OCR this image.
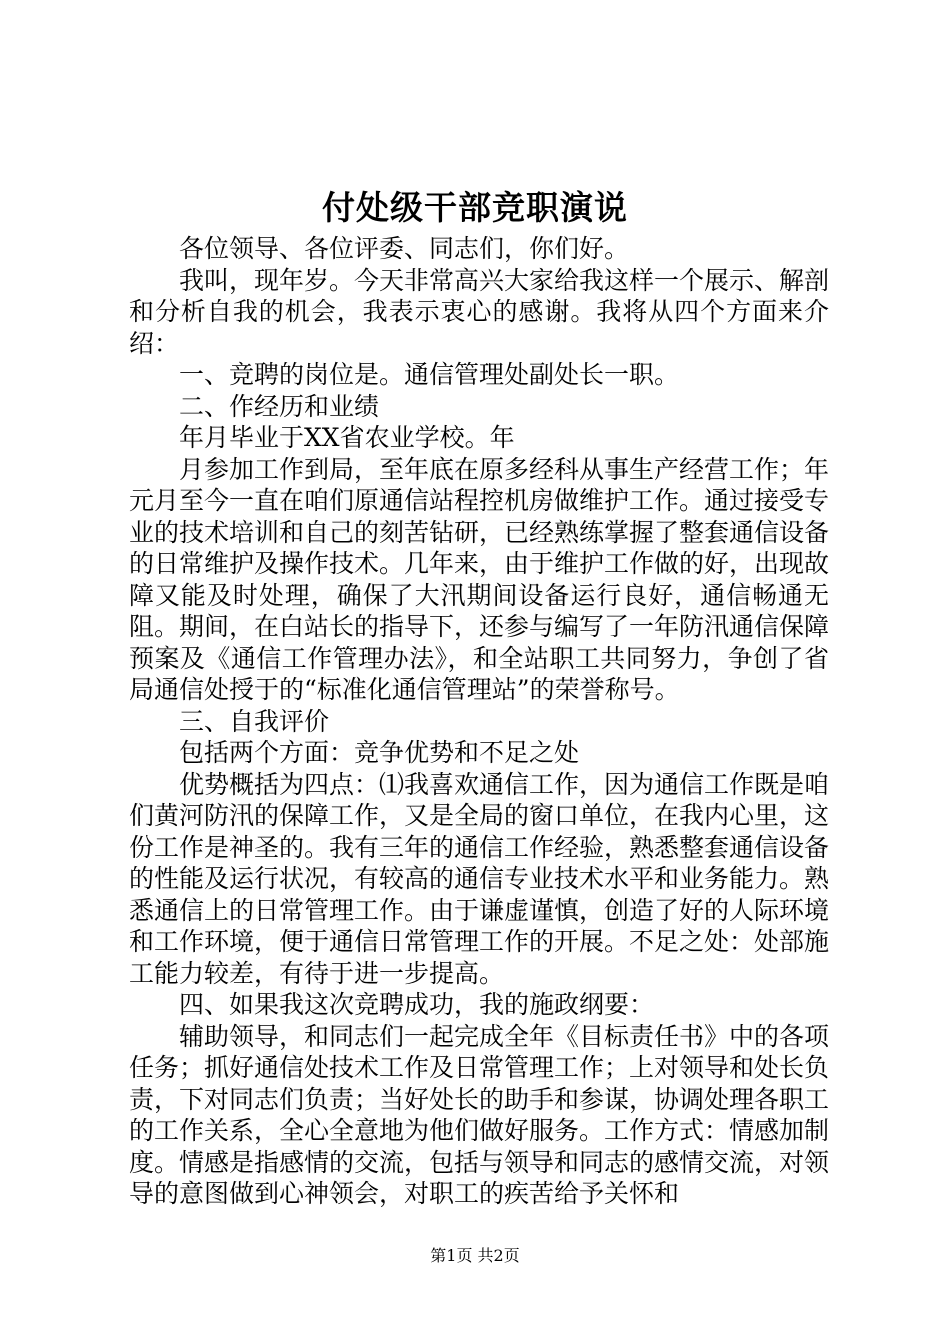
付处级干部竞职演说

各位领导、各位评委、同志们，你们好。

我叫，现年岁。今天非常高兴大家给我这样一个展示、解剖和分析自我的机会，我表示衷心的感谢。我将从四个方面来介绍：

一、竞聘的岗位是。通信管理处副处长一职。

二、作经历和业绩

年月毕业于XX省农业学校。年

月参加工作到局，至年底在原多经科从事生产经营工作；年元月至今一直在咱们原通信站程控机房做维护工作。通过接受专业的技术培训和自己的刻苦钻研，已经熟练掌握了整套通信设备的日常维护及操作技术。几年来，由于维护工作做的好，出现故障又能及时处理，确保了大汛期间设备运行良好，通信畅通无阻。期间，在白站长的指导下，还参与编写了一年防汛通信保障预案及《通信工作管理办法》，和全站职工共同努力，争创了省局通信处授于的“标准化通信管理站”的荣誉称号。

三、自我评价

包括两个方面：竞争优势和不足之处

优势概括为四点：⑴我喜欢通信工作，因为通信工作既是咱们黄河防汛的保障工作，又是全局的窗口单位，在我内心里，这份工作是神圣的。我有三年的通信工作经验，熟悉整套通信设备的性能及运行状况，有较高的通信专业技术水平和业务能力。熟悉通信上的日常管理工作。由于谦虚谨慎，创造了好的人际环境和工作环境，便于通信日常管理工作的开展。不足之处：处部施工能力较差，有待于进一步提高。

四、如果我这次竞聘成功，我的施政纲要：

辅助领导，和同志们一起完成全年《目标责任书》中的各项任务；抓好通信处技术工作及日常管理工作；上对领导和处长负责，下对同志们负责；当好处长的助手和参谋，协调处理各职工的工作关系，全心全意地为他们做好服务。工作方式：情感加制度。情感是指感情的交流，包括与领导和同志的感情交流，对领导的意图做到心神领会，对职工的疾苦给予关怀和

第1页 共2页
